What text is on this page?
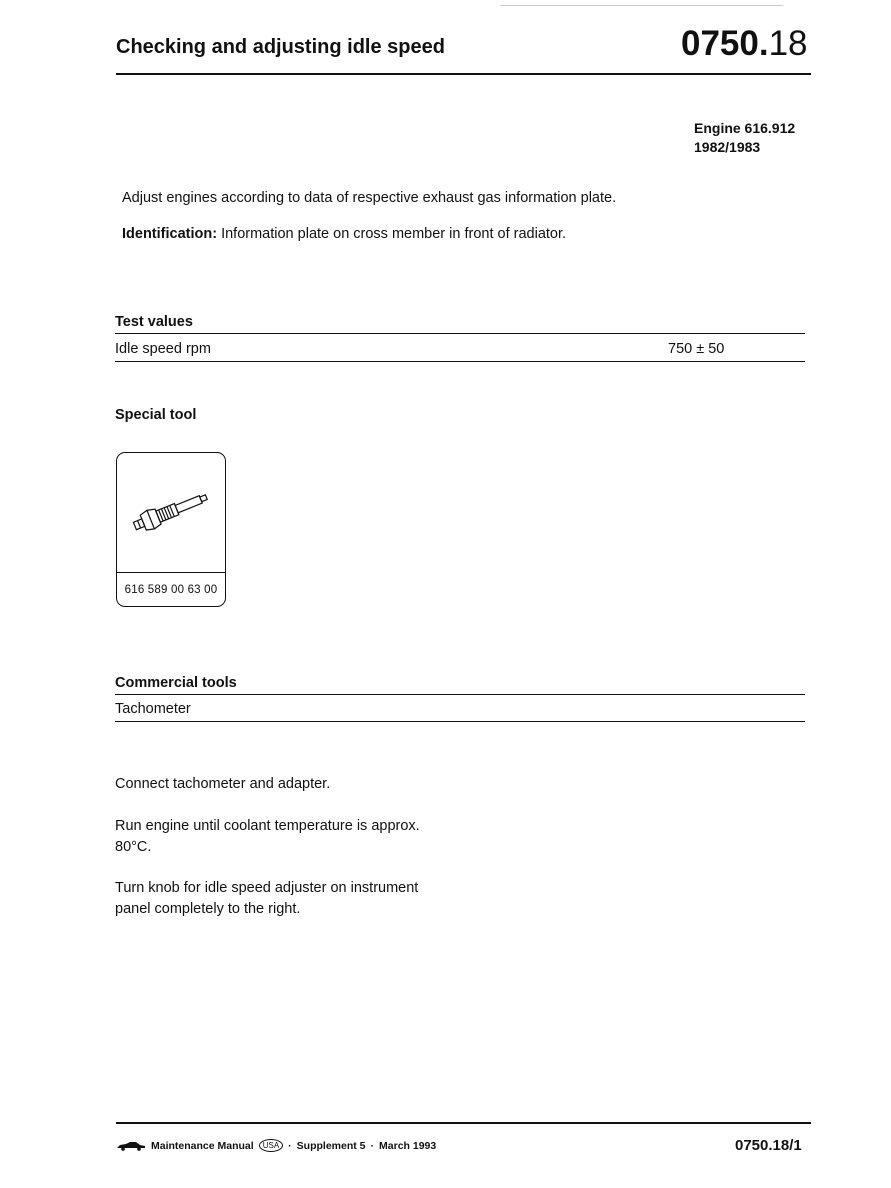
Checking and adjusting idle speed	0750.18
Engine 616.912
1982/1983
Adjust engines according to data of respective exhaust gas information plate.
Identification: Information plate on cross member in front of radiator.
Test values
Idle speed rpm	750 ± 50
Special tool
616 589 00 63 00
Commercial tools
Tachometer
Connect tachometer and adapter.
Run engine until coolant temperature is approx. 80°C.
Turn knob for idle speed adjuster on instrument panel completely to the right.
Maintenance Manual	USA · Supplement 5 · March 1993	0750.18/1
